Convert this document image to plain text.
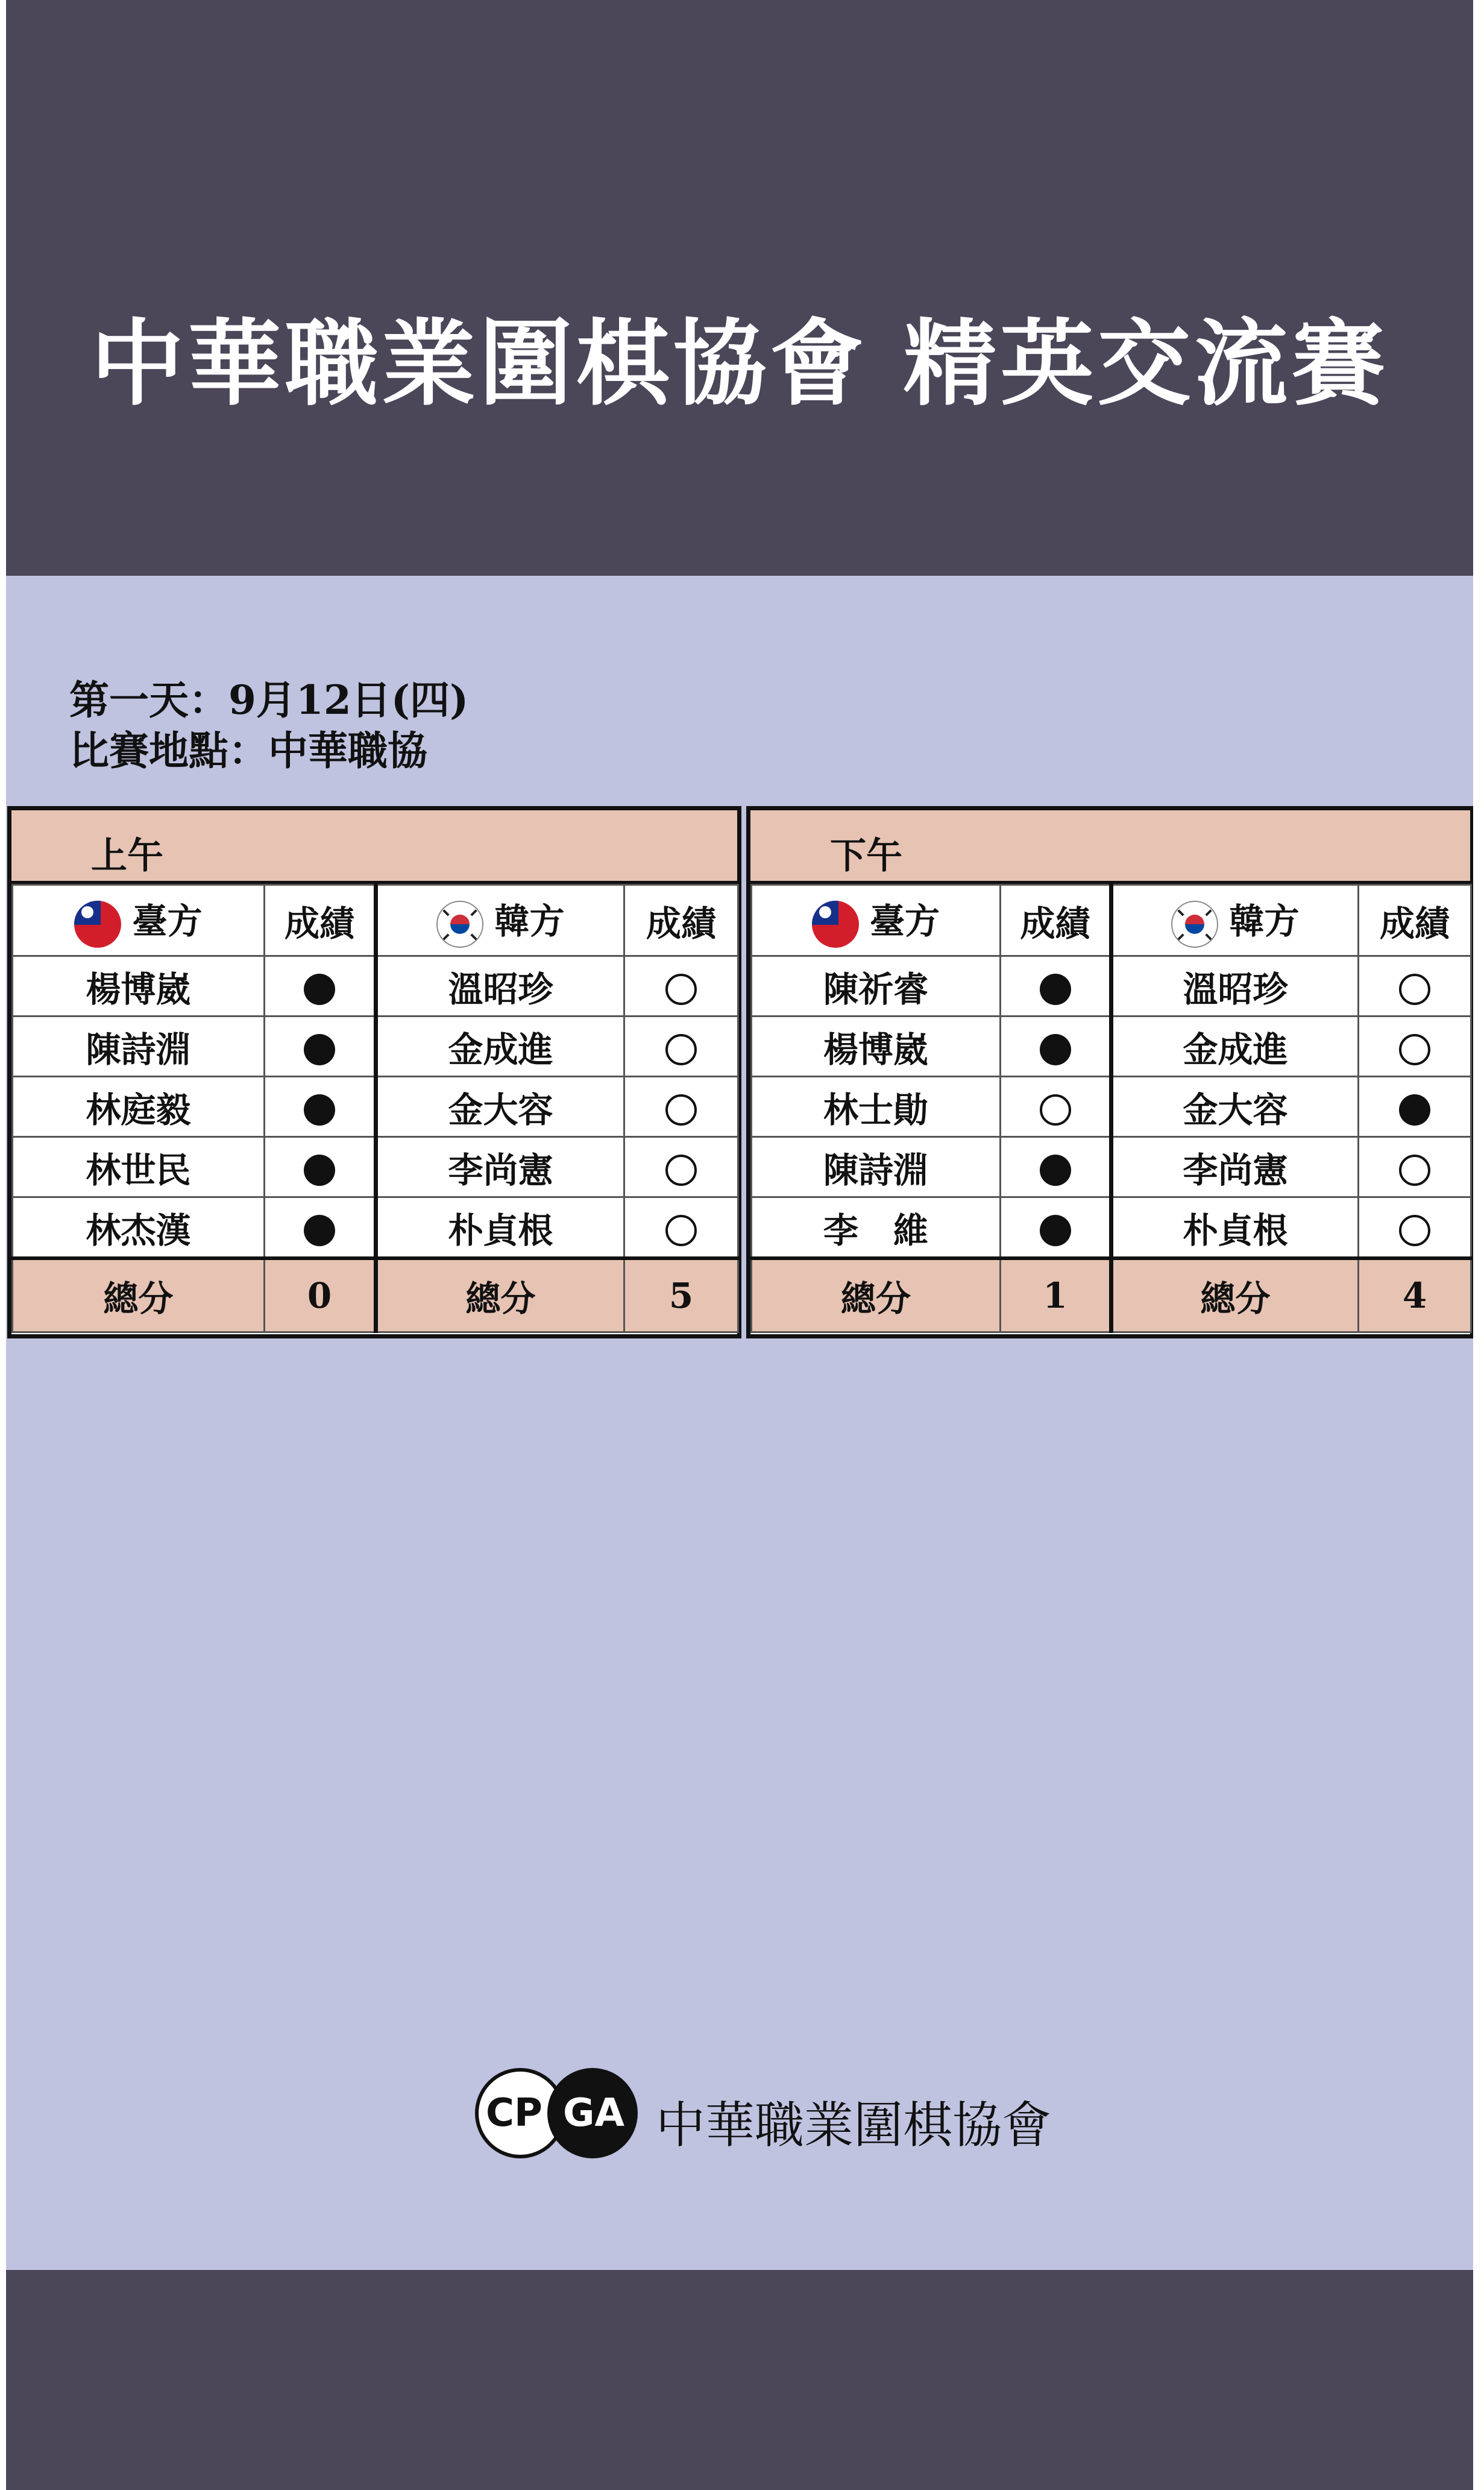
中華職業圍棋協會 精英交流賽
第一天：9月12日(四)
比賽地點：中華職協
上午
臺方	成績	韓方	成績
楊博崴		溫昭珍	
陳詩淵		金成進	
林庭毅		金大容	
林世民		李尚憲	
林杰漢		朴貞根	
總分	0	總分	5
下午
臺方	成績	韓方	成績
陳祈睿		溫昭珍	
楊博崴		金成進	
林士勛		金大容	
陳詩淵		李尚憲	
李　維		朴貞根	
總分	1	總分	4
CP GA 中華職業圍棋協會
